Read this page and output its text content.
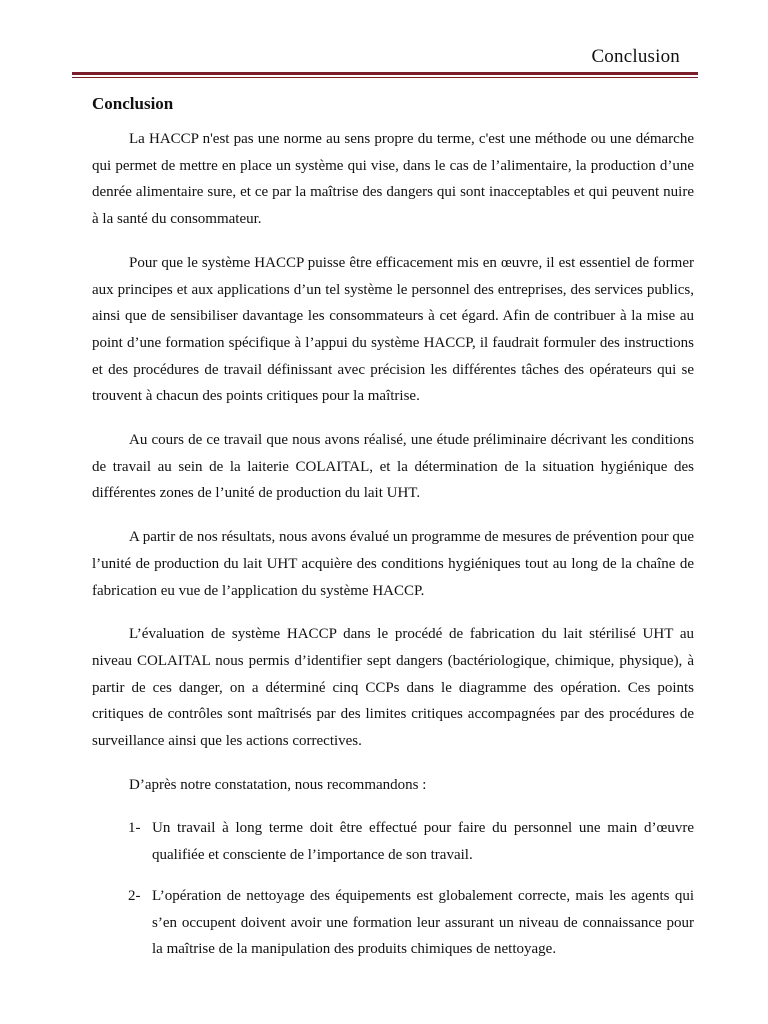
Conclusion
Conclusion

La HACCP n'est pas une norme au sens propre du terme, c'est une méthode ou une démarche qui permet de mettre en place un système qui vise, dans le cas de l’alimentaire, la production d’une denrée alimentaire sure, et ce par la maîtrise des dangers qui sont inacceptables et qui peuvent nuire à la santé du consommateur.

Pour que le système HACCP puisse être efficacement mis en œuvre, il est essentiel de former aux principes et aux applications d’un tel système le personnel des entreprises, des services publics, ainsi que de sensibiliser davantage les consommateurs à cet égard. Afin de contribuer à la mise au point d’une formation spécifique à l’appui du système HACCP, il faudrait formuler des instructions et des procédures de travail définissant avec précision les différentes tâches des opérateurs qui se trouvent à chacun des points critiques pour la maîtrise.

Au cours de ce travail que nous avons réalisé, une étude préliminaire décrivant les conditions de travail au sein de la laiterie COLAITAL, et la détermination de la situation hygiénique des différentes zones de l’unité de production du lait UHT.

A partir de nos résultats, nous avons évalué un programme de mesures de prévention pour que l’unité de production du lait UHT acquière des conditions hygiéniques tout au long de la chaîne de fabrication eu vue de l’application du système HACCP.

L’évaluation de système HACCP dans le procédé de fabrication du lait stérilisé UHT au niveau COLAITAL nous permis d’identifier sept dangers (bactériologique, chimique, physique), à partir de ces danger, on a déterminé cinq CCPs dans le diagramme des opération. Ces points critiques de contrôles sont maîtrisés par des limites critiques accompagnées par des procédures de surveillance ainsi que les actions correctives.

D’après notre constatation, nous recommandons :

1- Un travail à long terme doit être effectué pour faire du personnel une main d’œuvre qualifiée et consciente de l’importance de son travail.
2- L’opération de nettoyage des équipements est globalement correcte, mais les agents qui s’en occupent doivent avoir une formation leur assurant un niveau de connaissance pour la maîtrise de la manipulation des produits chimiques de nettoyage.
